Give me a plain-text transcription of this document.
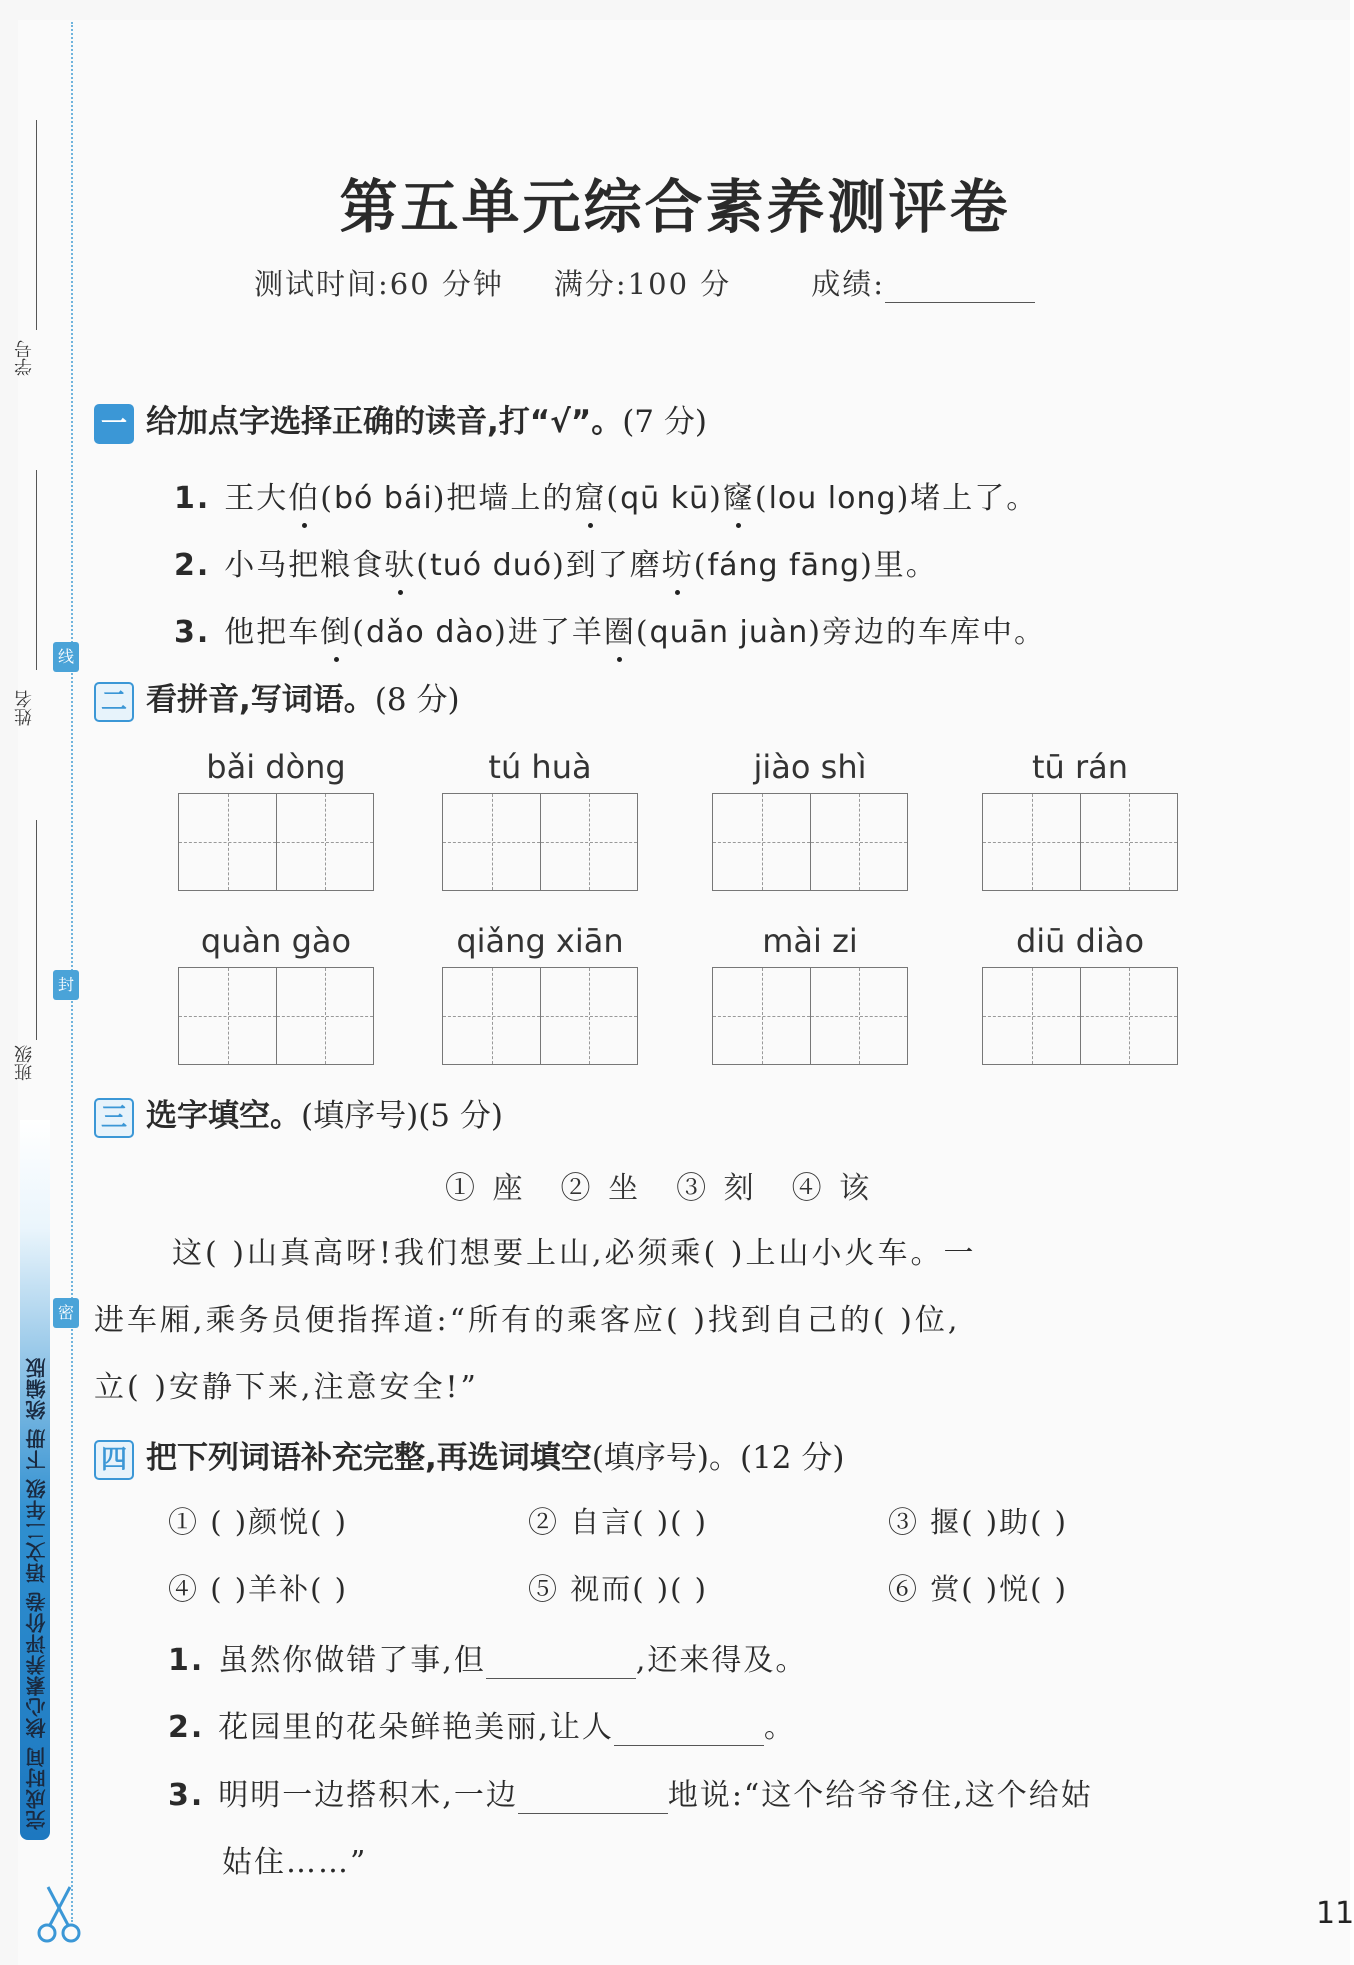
学号
姓名
班级
线
封
密
完成时间 核心素养评价卷 语文二年级 下册 统编版
11
第五单元综合素养测评卷
测试时间:60 分钟 满分:100 分	成绩:
一 给加点字选择正确的读音,打“√”。(7 分)
1. 王大伯(bó bái)把墙上的窟(qū kū)窿(lou long)堵上了。
2. 小马把粮食驮(tuó duó)到了磨坊(fáng fāng)里。
3. 他把车倒(dǎo dào)进了羊圈(quān juàn)旁边的车库中。
二 看拼音,写词语。(8 分)
bǎi dòng	tú huà	jiào shì	tū rán
quàn gào	qiǎng xiān	mài zi	diū diào
三 选字填空。(填序号)(5 分)
① 座 ② 坐 ③ 刻 ④ 该
这( )山真高呀!我们想要上山,必须乘( )上山小火车。一
进车厢,乘务员便指挥道:“所有的乘客应( )找到自己的( )位,
立( )安静下来,注意安全!”
四 把下列词语补充完整,再选词填空(填序号)。(12 分)
① ( )颜悦( )	② 自言( )( )	③ 揠( )助( )
④ ( )羊补( )	⑤ 视而( )( )	⑥ 赏( )悦( )
1. 虽然你做错了事,但	,还来得及。
2. 花园里的花朵鲜艳美丽,让人	。
3. 明明一边搭积木,一边	地说:“这个给爷爷住,这个给姑
姑住……”
